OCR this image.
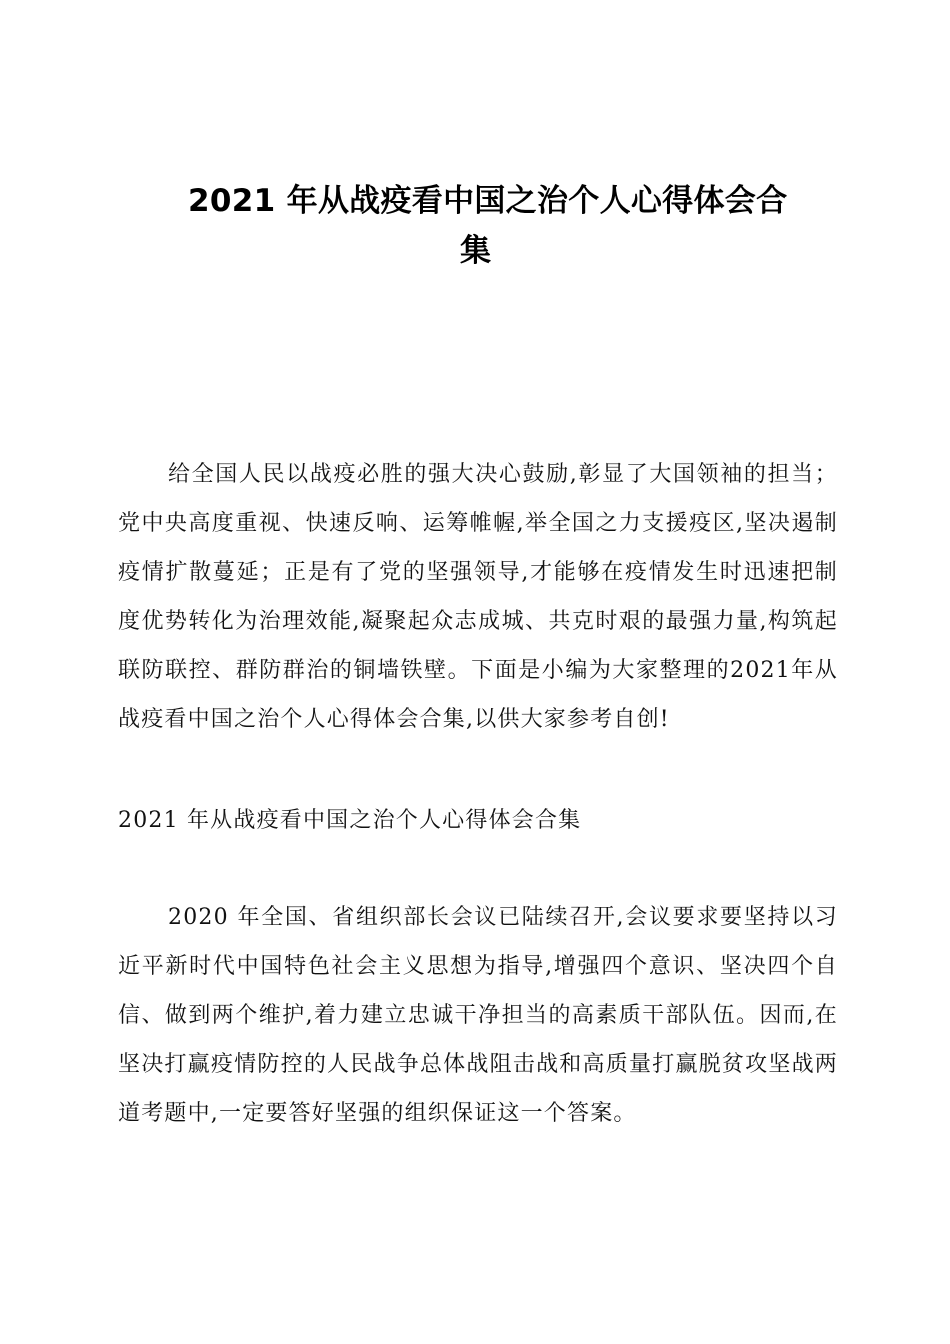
2021 年从战疫看中国之治个人心得体会合
集

给全国人民以战疫必胜的强大决心鼓励,彰显了大国领袖的担当；党中央高度重视、快速反响、运筹帷幄,举全国之力支援疫区,坚决遏制疫情扩散蔓延；正是有了党的坚强领导,才能够在疫情发生时迅速把制度优势转化为治理效能,凝聚起众志成城、共克时艰的最强力量,构筑起联防联控、群防群治的铜墙铁壁。下面是小编为大家整理的2021年从战疫看中国之治个人心得体会合集,以供大家参考自创!

2021 年从战疫看中国之治个人心得体会合集

2020 年全国、省组织部长会议已陆续召开,会议要求要坚持以习近平新时代中国特色社会主义思想为指导,增强四个意识、坚决四个自信、做到两个维护,着力建立忠诚干净担当的高素质干部队伍。因而,在坚决打赢疫情防控的人民战争总体战阻击战和高质量打赢脱贫攻坚战两道考题中,一定要答好坚强的组织保证这一个答案。
